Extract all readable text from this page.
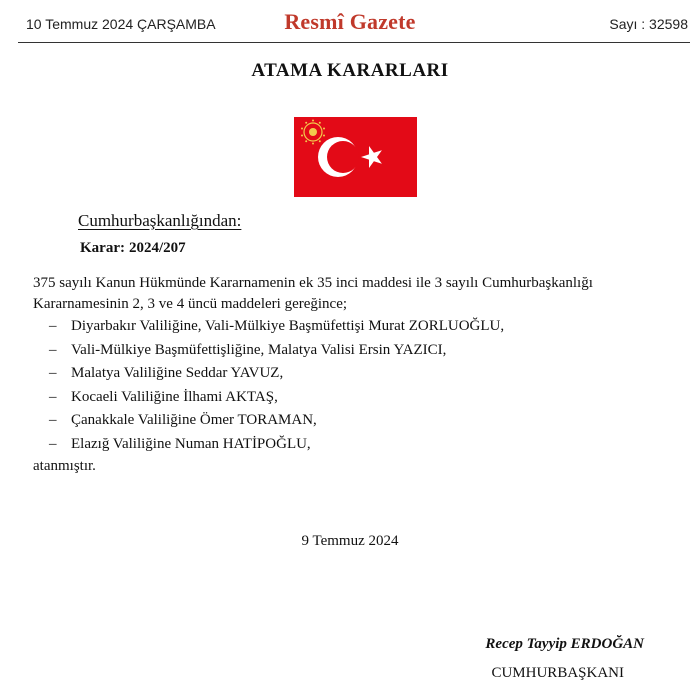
10 Temmuz 2024 ÇARŞAMBA	Resmî Gazete	Sayı : 32598
ATAMA KARARLARI
Cumhurbaşkanlığından:
Karar: 2024/207

375 sayılı Kanun Hükmünde Kararnamenin ek 35 inci maddesi ile 3 sayılı Cumhurbaşkanlığı Kararnamesinin 2, 3 ve 4 üncü maddeleri gereğince;

– Diyarbakır Valiliğine, Vali-Mülkiye Başmüfettişi Murat ZORLUOĞLU,
– Vali-Mülkiye Başmüfettişliğine, Malatya Valisi Ersin YAZICI,
– Malatya Valiliğine Seddar YAVUZ,
– Kocaeli Valiliğine İlhami AKTAŞ,
– Çanakkale Valiliğine Ömer TORAMAN,
– Elazığ Valiliğine Numan HATİPOĞLU,

atanmıştır.

9 Temmuz 2024
Recep Tayyip ERDOĞAN
CUMHURBAŞKANI
